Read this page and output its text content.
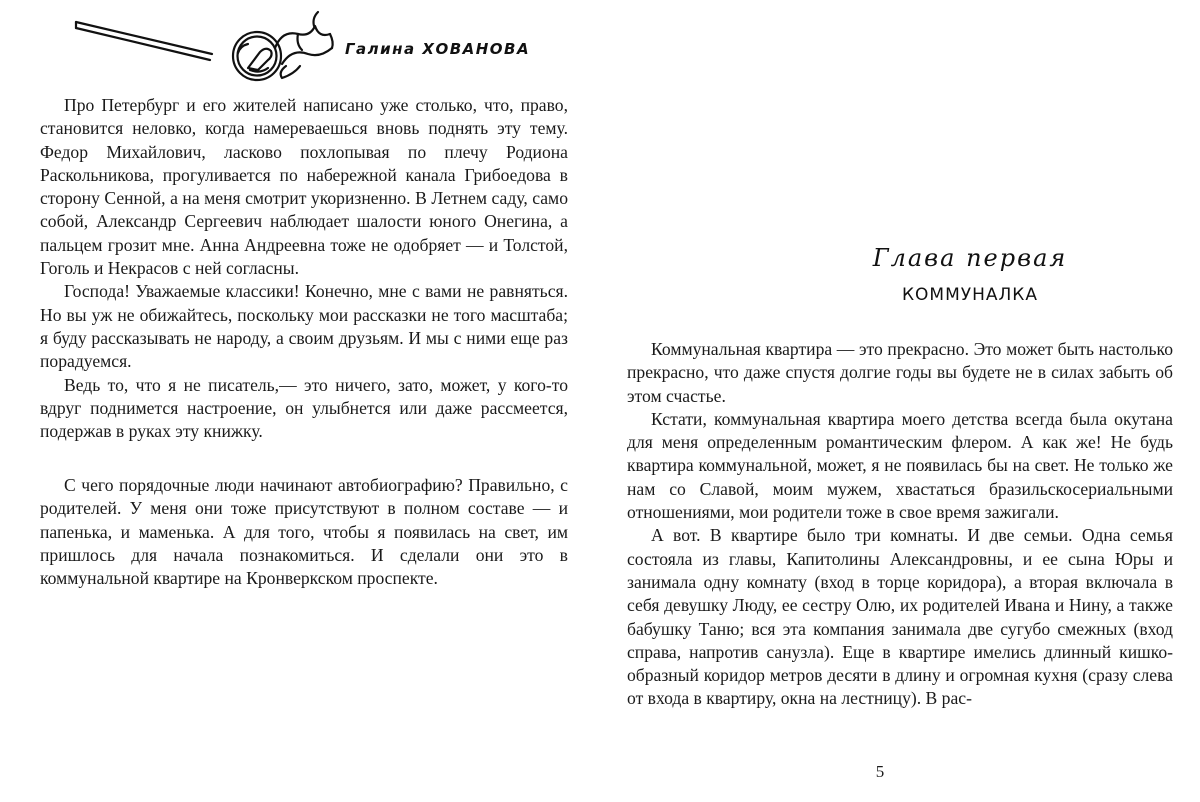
Галина ХОВАНОВА

Про Петербург и его жителей написано уже столько, что, право, становится неловко, когда намереваешься вновь поднять эту тему. Федор Михайлович, ласково похлопывая по плечу Родиона Раскольникова, прогуливается по набережной канала Грибоедова в сторону Сенной, а на меня смотрит укоризненно. В Летнем саду, само собой, Александр Сергеевич наблюдает шалости юного Онегина, а пальцем грозит мне. Анна Андреевна тоже не одобряет — и Толстой, Гоголь и Некрасов с ней согласны.

Господа! Уважаемые классики! Конечно, мне с вами не равняться. Но вы уж не обижайтесь, поскольку мои рассказки не того масштаба; я буду рассказывать не народу, а своим друзьям. И мы с ними еще раз порадуемся.

Ведь то, что я не писатель,— это ничего, зато, может, у кого-то вдруг поднимется настроение, он улыбнется или даже рассмеется, подержав в руках эту книжку.

С чего порядочные люди начинают автобиографию? Правильно, с родителей. У меня они тоже присутствуют в полном составе — и папенька, и маменька. А для того, чтобы я появилась на свет, им пришлось для начала познакомиться. И сделали они это в коммунальной квартире на Кронверкском проспекте.

Глава первая
КОММУНАЛКА

Коммунальная квартира — это прекрасно. Это может быть настолько прекрасно, что даже спустя долгие годы вы будете не в силах забыть об этом счастье.

Кстати, коммунальная квартира моего детства всегда была окутана для меня определенным романтическим флером. А как же! Не будь квартира коммунальной, может, я не появилась бы на свет. Не только же нам со Славой, моим мужем, хвастаться бразильскосериальными отношениями, мои родители тоже в свое время зажигали.

А вот. В квартире было три комнаты. И две семьи. Одна семья состояла из главы, Капитолины Александровны, и ее сына Юры и занимала одну комнату (вход в торце коридора), а вторая включала в себя девушку Люду, ее сестру Олю, их родителей Ивана и Нину, а также бабушку Таню; вся эта компания занимала две сугубо смежных (вход справа, напротив санузла). Еще в квартире имелись длинный кишкообразный коридор метров десяти в длину и огромная кухня (сразу слева от входа в квартиру, окна на лестницу). В рас-

5
